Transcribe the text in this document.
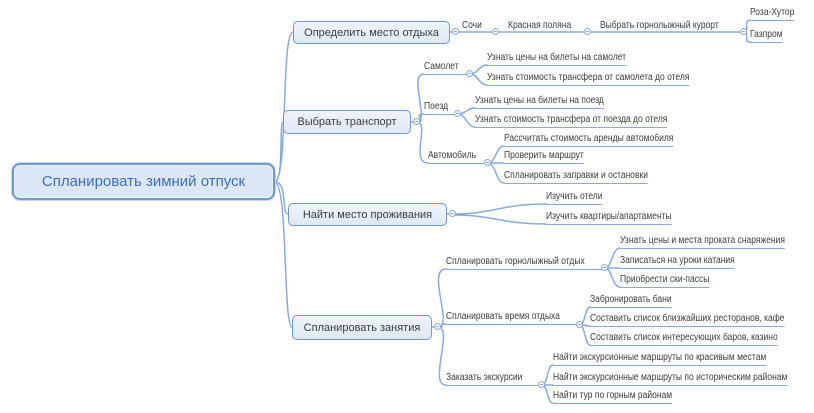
Спланировать зимний отпуск
Определить место отдыха
Выбрать транспорт
Найти место проживания
Спланировать занятия
Сочи	Красная поляна	Выбрать горнолыжный курорт
Роза-Хутор
Газпром
Самолет
Узнать цены на билеты на самолет
Узнать стоимость трансфера от самолета до отеля
Поезд
Узнать цены на билеты на поезд
Узнать стоимость трансфера от поезда до отеля
Автомобиль
Рассчитать стоимость аренды автомобиля
Проверить маршрут
Спланировать заправки и остановки
Изучить отели
Изучить квартиры/апартаменты
Спланировать горнолыжный отдых
Узнать цены и места проката снаряжения
Записаться на уроки катания
Приобрести ски-пассы
Спланировать время отдыха
Забронировать бани
Составить список близжайших ресторанов, кафе
Составить список интересующих баров, казино
Заказать экскурсии
Найти экскурсионные маршруты по красивым местам
Найти экскурсионные маршруты по историческим районам
Найти тур по горным районам
